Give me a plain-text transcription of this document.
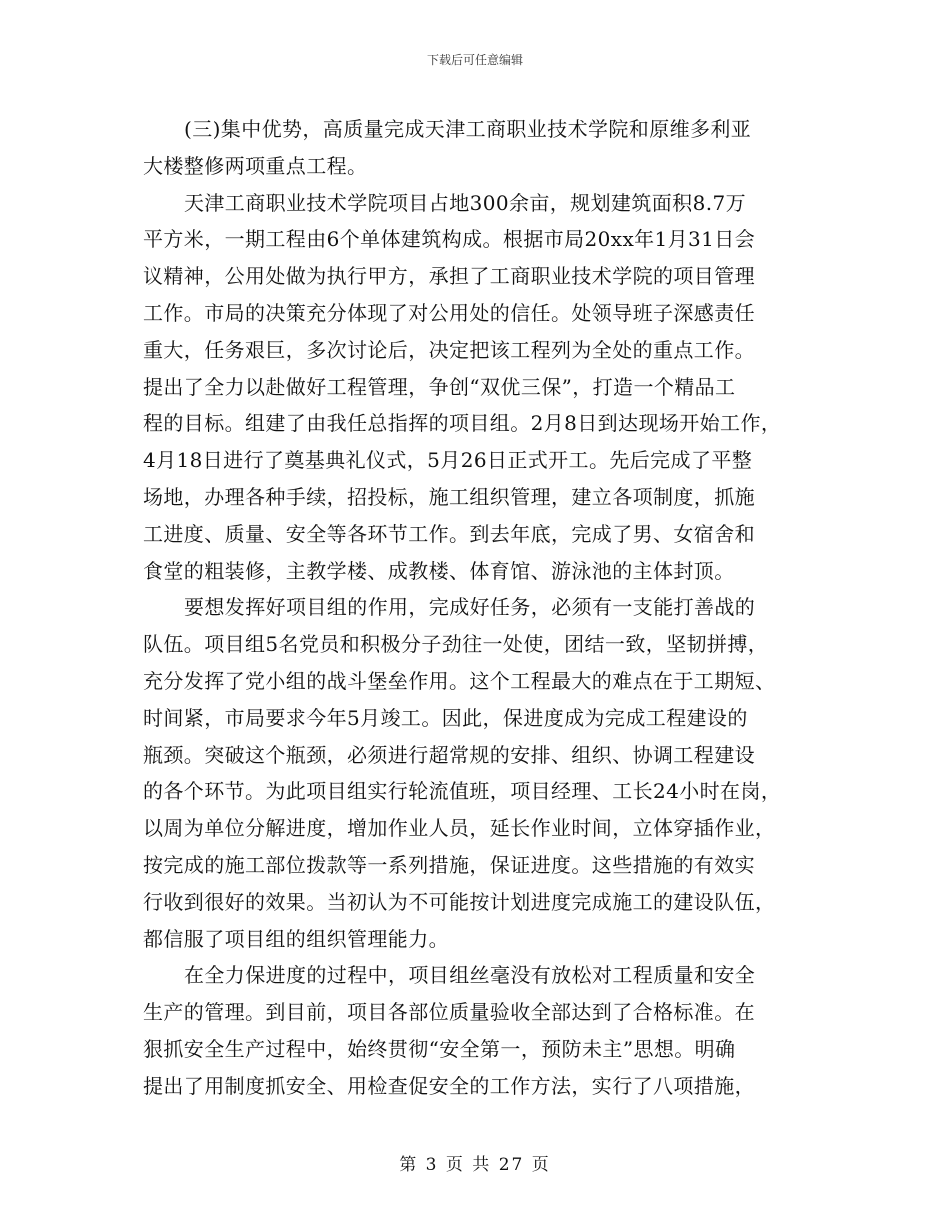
下载后可任意编辑
(三)集中优势，高质量完成天津工商职业技术学院和原维多利亚
大楼整修两项重点工程。
天津工商职业技术学院项目占地300余亩，规划建筑面积8.7万
平方米，一期工程由6个单体建筑构成。根据市局20xx年1月31日会
议精神，公用处做为执行甲方，承担了工商职业技术学院的项目管理
工作。市局的决策充分体现了对公用处的信任。处领导班子深感责任
重大，任务艰巨，多次讨论后，决定把该工程列为全处的重点工作。
提出了全力以赴做好工程管理，争创“双优三保”，打造一个精品工
程的目标。组建了由我任总指挥的项目组。2月8日到达现场开始工作，
4月18日进行了奠基典礼仪式，5月26日正式开工。先后完成了平整
场地，办理各种手续，招投标，施工组织管理，建立各项制度，抓施
工进度、质量、安全等各环节工作。到去年底，完成了男、女宿舍和
食堂的粗装修，主教学楼、成教楼、体育馆、游泳池的主体封顶。
要想发挥好项目组的作用，完成好任务，必须有一支能打善战的
队伍。项目组5名党员和积极分子劲往一处使，团结一致，坚韧拼搏，
充分发挥了党小组的战斗堡垒作用。这个工程最大的难点在于工期短、
时间紧，市局要求今年5月竣工。因此，保进度成为完成工程建设的
瓶颈。突破这个瓶颈，必须进行超常规的安排、组织、协调工程建设
的各个环节。为此项目组实行轮流值班，项目经理、工长24小时在岗，
以周为单位分解进度，增加作业人员，延长作业时间，立体穿插作业，
按完成的施工部位拨款等一系列措施，保证进度。这些措施的有效实
行收到很好的效果。当初认为不可能按计划进度完成施工的建设队伍，
都信服了项目组的组织管理能力。
在全力保进度的过程中，项目组丝毫没有放松对工程质量和安全
生产的管理。到目前，项目各部位质量验收全部达到了合格标准。在
狠抓安全生产过程中，始终贯彻“安全第一，预防未主”思想。明确
提出了用制度抓安全、用检查促安全的工作方法，实行了八项措施，
第 3 页 共 27 页
